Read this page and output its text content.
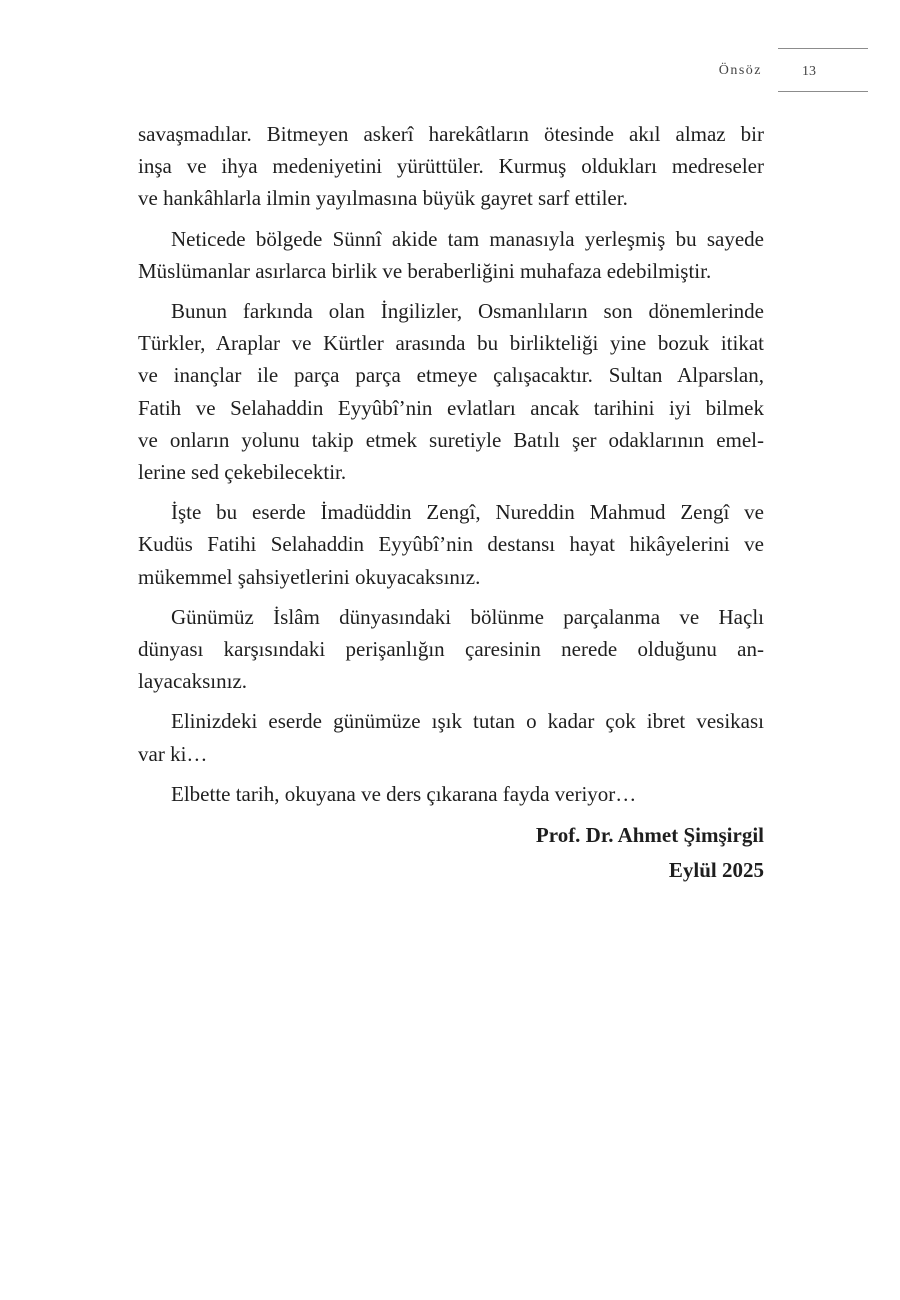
Önsöz	13

savaşmadılar. Bitmeyen askerî harekâtların ötesinde akıl almaz bir
inşa ve ihya medeniyetini yürüttüler. Kurmuş oldukları medreseler
ve hankâhlarla ilmin yayılmasına büyük gayret sarf ettiler.

Neticede bölgede Sünnî akide tam manasıyla yerleşmiş bu sayede
Müslümanlar asırlarca birlik ve beraberliğini muhafaza edebilmiştir.

Bunun farkında olan İngilizler, Osmanlıların son dönemlerinde
Türkler, Araplar ve Kürtler arasında bu birlikteliği yine bozuk itikat
ve inançlar ile parça parça etmeye çalışacaktır. Sultan Alparslan,
Fatih ve Selahaddin Eyyûbî’nin evlatları ancak tarihini iyi bilmek
ve onların yolunu takip etmek suretiyle Batılı şer odaklarının emel-
lerine sed çekebilecektir.

İşte bu eserde İmadüddin Zengî, Nureddin Mahmud Zengî ve
Kudüs Fatihi Selahaddin Eyyûbî’nin destansı hayat hikâyelerini ve
mükemmel şahsiyetlerini okuyacaksınız.

Günümüz İslâm dünyasındaki bölünme parçalanma ve Haçlı
dünyası karşısındaki perişanlığın çaresinin nerede olduğunu an-
layacaksınız.

Elinizdeki eserde günümüze ışık tutan o kadar çok ibret vesikası
var ki…

Elbette tarih, okuyana ve ders çıkarana fayda veriyor…

Prof. Dr. Ahmet Şimşirgil
Eylül 2025
